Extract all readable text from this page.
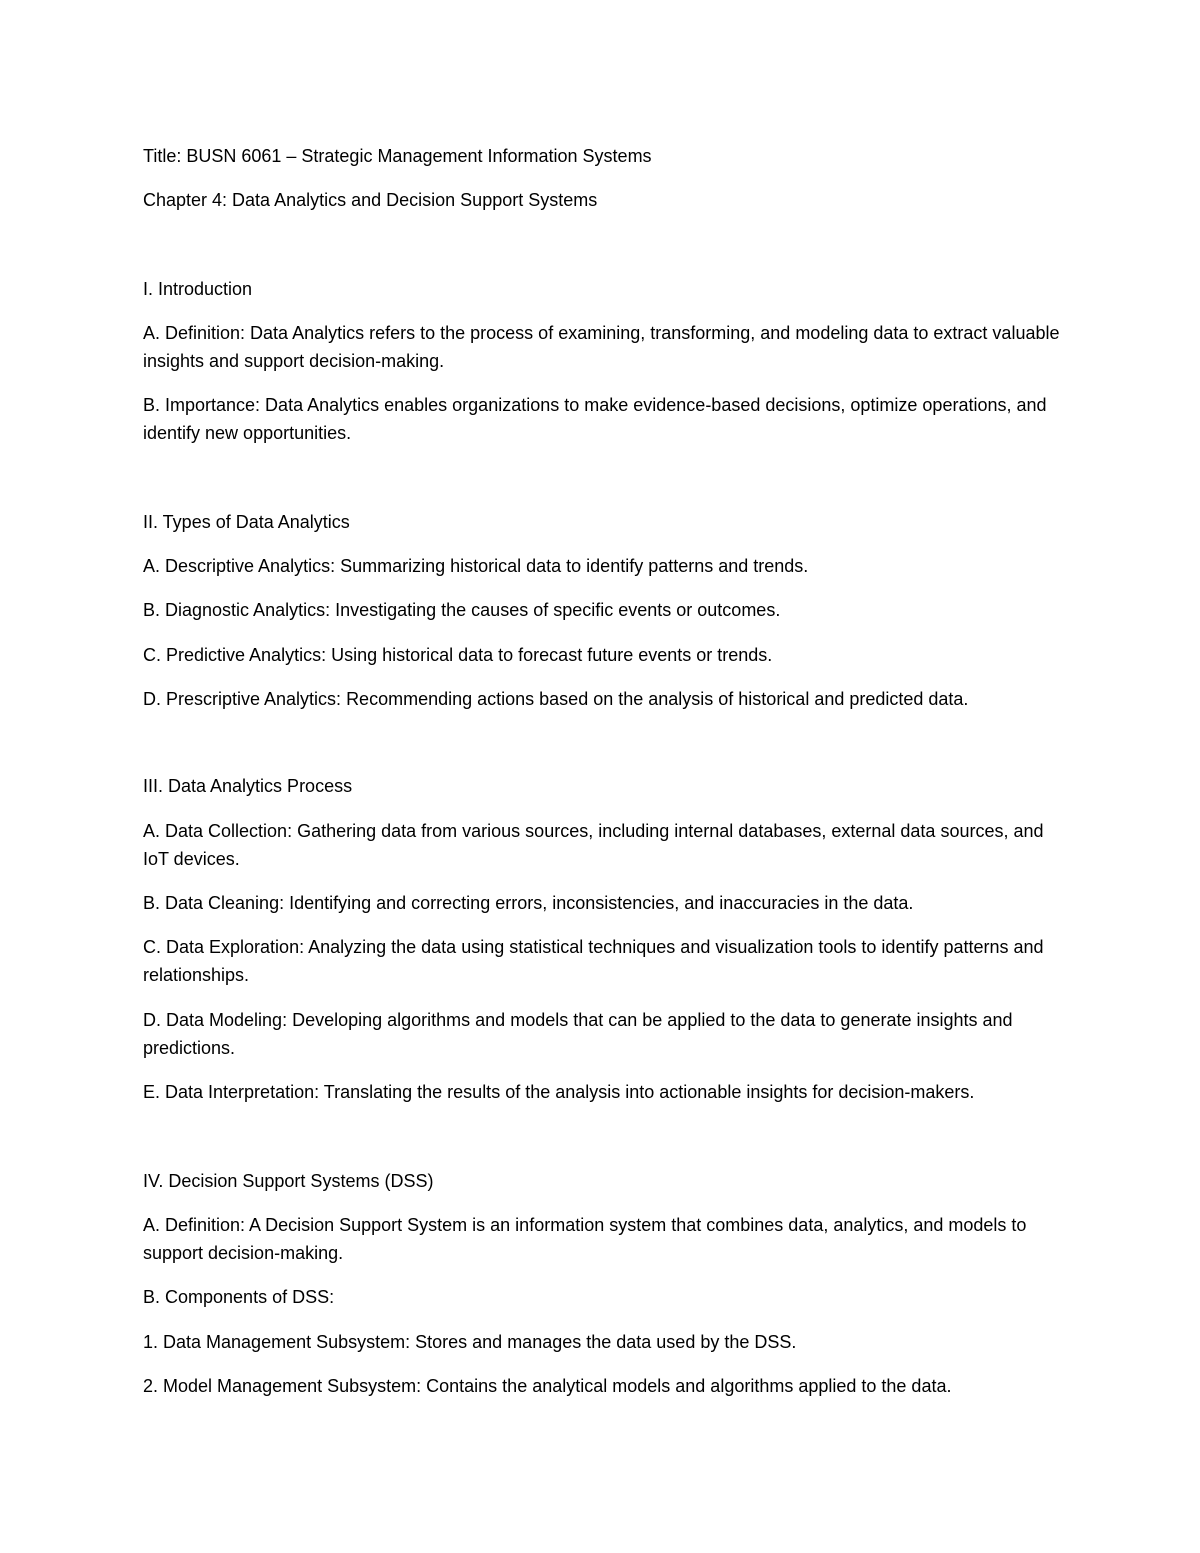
Title: BUSN 6061 – Strategic Management Information Systems

Chapter 4: Data Analytics and Decision Support Systems

I. Introduction

A. Definition: Data Analytics refers to the process of examining, transforming, and modeling data to extract valuable insights and support decision-making.

B. Importance: Data Analytics enables organizations to make evidence-based decisions, optimize operations, and identify new opportunities.

II. Types of Data Analytics

A. Descriptive Analytics: Summarizing historical data to identify patterns and trends.

B. Diagnostic Analytics: Investigating the causes of specific events or outcomes.

C. Predictive Analytics: Using historical data to forecast future events or trends.

D. Prescriptive Analytics: Recommending actions based on the analysis of historical and predicted data.

III. Data Analytics Process

A. Data Collection: Gathering data from various sources, including internal databases, external data sources, and IoT devices.

B. Data Cleaning: Identifying and correcting errors, inconsistencies, and inaccuracies in the data.

C. Data Exploration: Analyzing the data using statistical techniques and visualization tools to identify patterns and relationships.

D. Data Modeling: Developing algorithms and models that can be applied to the data to generate insights and predictions.

E. Data Interpretation: Translating the results of the analysis into actionable insights for decision-makers.

IV. Decision Support Systems (DSS)

A. Definition: A Decision Support System is an information system that combines data, analytics, and models to support decision-making.

B. Components of DSS:

1. Data Management Subsystem: Stores and manages the data used by the DSS.

2. Model Management Subsystem: Contains the analytical models and algorithms applied to the data.
